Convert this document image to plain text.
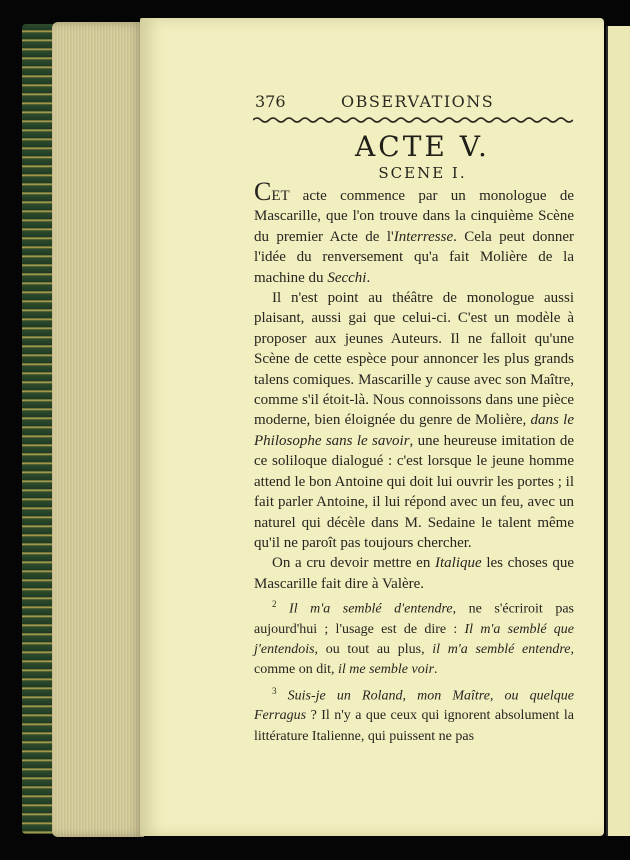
376	OBSERVATIONS
ACTE V.
SCENE I.

CET acte commence par un monologue de Mascarille, que l'on trouve dans la cinquième Scène du premier Acte de l'Interresse. Cela peut donner l'idée du renversement qu'a fait Molière de la machine du Secchi.

Il n'est point au théâtre de monologue aussi plaisant, aussi gai que celui-ci. C'est un modèle à proposer aux jeunes Auteurs. Il ne falloit qu'une Scène de cette espèce pour annoncer les plus grands talens comiques. Mascarille y cause avec son Maître, comme s'il étoit-là. Nous connoissons dans une pièce moderne, bien éloignée du genre de Molière, dans le Philosophe sans le savoir, une heureuse imitation de ce soliloque dialogué : c'est lorsque le jeune homme attend le bon Antoine qui doit lui ouvrir les portes ; il fait parler Antoine, il lui répond avec un feu, avec un naturel qui décèle dans M. Sedaine le talent même qu'il ne paroît pas toujours chercher.

On a cru devoir mettre en Italique les choses que Mascarille fait dire à Valère.

$^2$ Il m'a semblé d'entendre, ne s'écriroit pas aujourd'hui ; l'usage est de dire : Il m'a semblé que j'entendois, ou tout au plus, il m'a semblé entendre, comme on dit, il me semble voir.

$^3$ Suis-je un Roland, mon Maître, ou quelque Ferragus ? Il n'y a que ceux qui ignorent absolument la littérature Italienne, qui puissent ne pas
